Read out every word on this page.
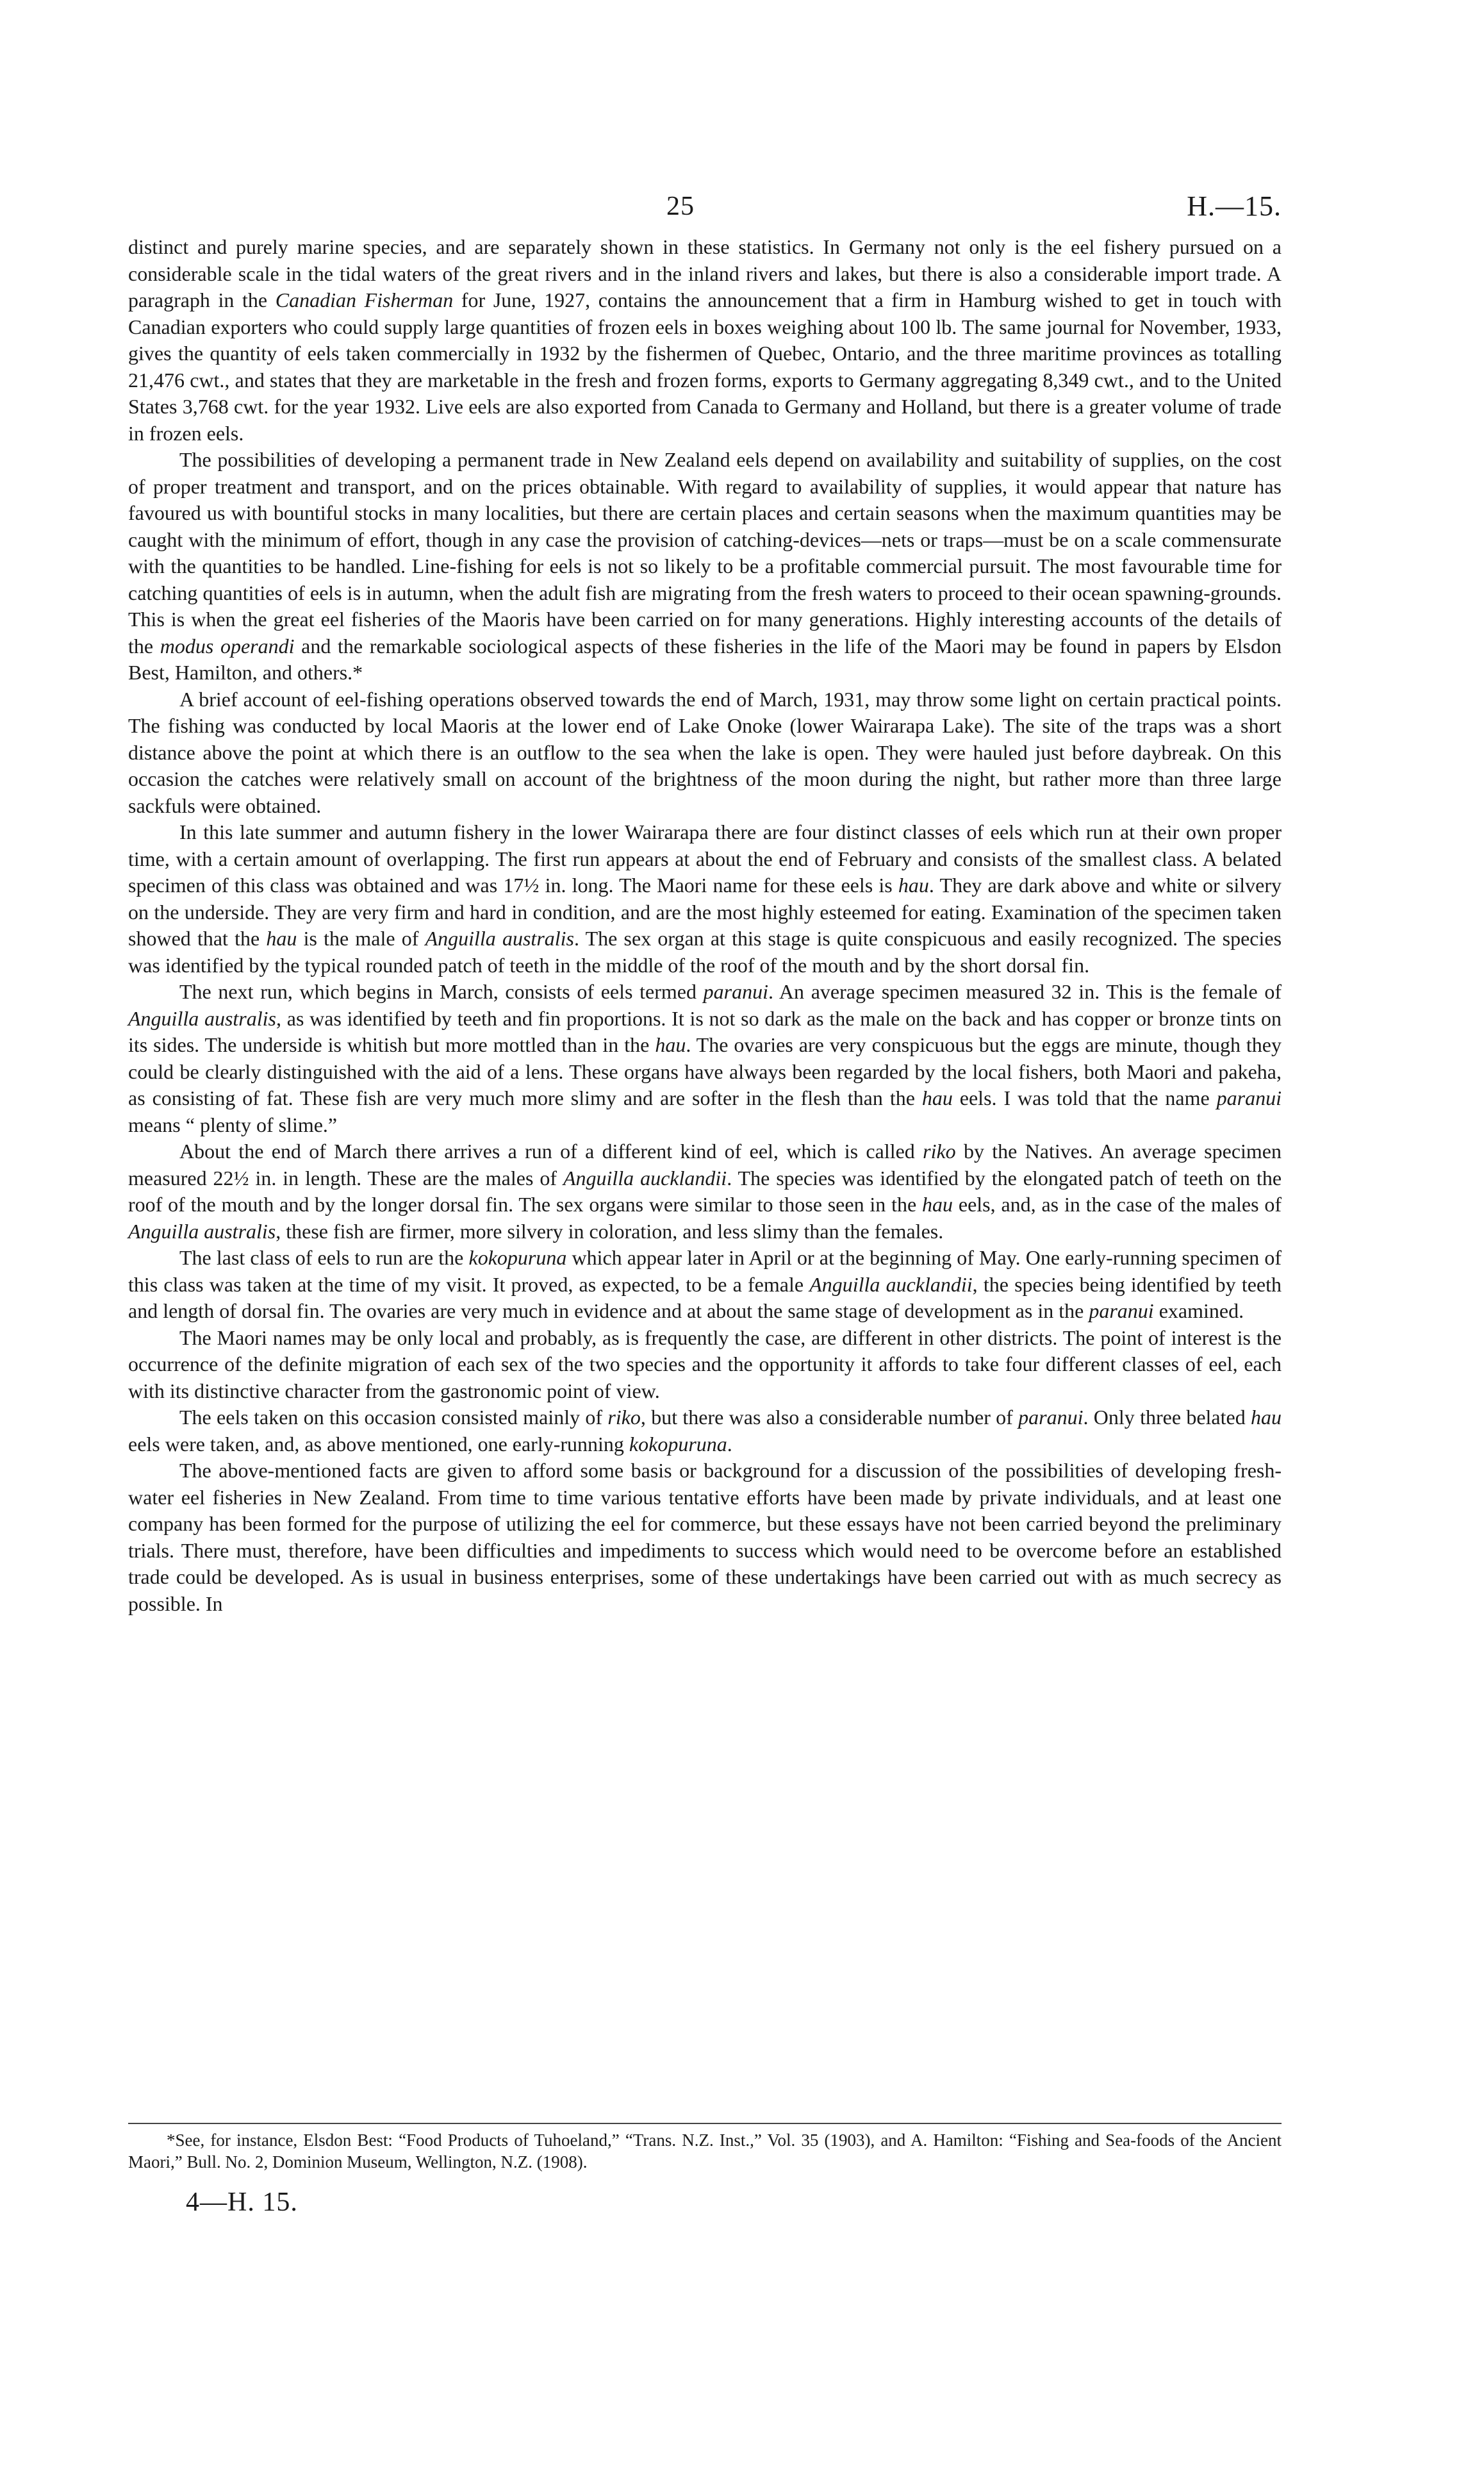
25	H.—15.

distinct and purely marine species, and are separately shown in these statistics. In Germany not only is the eel fishery pursued on a considerable scale in the tidal waters of the great rivers and in the inland rivers and lakes, but there is also a considerable import trade. A paragraph in the Canadian Fisherman for June, 1927, contains the announcement that a firm in Hamburg wished to get in touch with Canadian exporters who could supply large quantities of frozen eels in boxes weighing about 100 lb. The same journal for November, 1933, gives the quantity of eels taken commercially in 1932 by the fishermen of Quebec, Ontario, and the three maritime provinces as totalling 21,476 cwt., and states that they are marketable in the fresh and frozen forms, exports to Germany aggregating 8,349 cwt., and to the United States 3,768 cwt. for the year 1932. Live eels are also exported from Canada to Germany and Holland, but there is a greater volume of trade in frozen eels.

The possibilities of developing a permanent trade in New Zealand eels depend on availability and suitability of supplies, on the cost of proper treatment and transport, and on the prices obtainable. With regard to availability of supplies, it would appear that nature has favoured us with bountiful stocks in many localities, but there are certain places and certain seasons when the maximum quantities may be caught with the minimum of effort, though in any case the provision of catching-devices—nets or traps—must be on a scale commensurate with the quantities to be handled. Line-fishing for eels is not so likely to be a profitable commercial pursuit. The most favourable time for catching quantities of eels is in autumn, when the adult fish are migrating from the fresh waters to proceed to their ocean spawning-grounds. This is when the great eel fisheries of the Maoris have been carried on for many generations. Highly interesting accounts of the details of the modus operandi and the remarkable sociological aspects of these fisheries in the life of the Maori may be found in papers by Elsdon Best, Hamilton, and others.*

A brief account of eel-fishing operations observed towards the end of March, 1931, may throw some light on certain practical points. The fishing was conducted by local Maoris at the lower end of Lake Onoke (lower Wairarapa Lake). The site of the traps was a short distance above the point at which there is an outflow to the sea when the lake is open. They were hauled just before daybreak. On this occasion the catches were relatively small on account of the brightness of the moon during the night, but rather more than three large sackfuls were obtained.

In this late summer and autumn fishery in the lower Wairarapa there are four distinct classes of eels which run at their own proper time, with a certain amount of overlapping. The first run appears at about the end of February and consists of the smallest class. A belated specimen of this class was obtained and was 17½ in. long. The Maori name for these eels is hau. They are dark above and white or silvery on the underside. They are very firm and hard in condition, and are the most highly esteemed for eating. Examination of the specimen taken showed that the hau is the male of Anguilla australis. The sex organ at this stage is quite conspicuous and easily recognized. The species was identified by the typical rounded patch of teeth in the middle of the roof of the mouth and by the short dorsal fin.

The next run, which begins in March, consists of eels termed paranui. An average specimen measured 32 in. This is the female of Anguilla australis, as was identified by teeth and fin proportions. It is not so dark as the male on the back and has copper or bronze tints on its sides. The underside is whitish but more mottled than in the hau. The ovaries are very conspicuous but the eggs are minute, though they could be clearly distinguished with the aid of a lens. These organs have always been regarded by the local fishers, both Maori and pakeha, as consisting of fat. These fish are very much more slimy and are softer in the flesh than the hau eels. I was told that the name paranui means “ plenty of slime.”

About the end of March there arrives a run of a different kind of eel, which is called riko by the Natives. An average specimen measured 22½ in. in length. These are the males of Anguilla aucklandii. The species was identified by the elongated patch of teeth on the roof of the mouth and by the longer dorsal fin. The sex organs were similar to those seen in the hau eels, and, as in the case of the males of Anguilla australis, these fish are firmer, more silvery in coloration, and less slimy than the females.

The last class of eels to run are the kokopuruna which appear later in April or at the beginning of May. One early-running specimen of this class was taken at the time of my visit. It proved, as expected, to be a female Anguilla aucklandii, the species being identified by teeth and length of dorsal fin. The ovaries are very much in evidence and at about the same stage of development as in the paranui examined.

The Maori names may be only local and probably, as is frequently the case, are different in other districts. The point of interest is the occurrence of the definite migration of each sex of the two species and the opportunity it affords to take four different classes of eel, each with its distinctive character from the gastronomic point of view.

The eels taken on this occasion consisted mainly of riko, but there was also a considerable number of paranui. Only three belated hau eels were taken, and, as above mentioned, one early-running kokopuruna.

The above-mentioned facts are given to afford some basis or background for a discussion of the possibilities of developing fresh-water eel fisheries in New Zealand. From time to time various tentative efforts have been made by private individuals, and at least one company has been formed for the purpose of utilizing the eel for commerce, but these essays have not been carried beyond the preliminary trials. There must, therefore, have been difficulties and impediments to success which would need to be overcome before an established trade could be developed. As is usual in business enterprises, some of these undertakings have been carried out with as much secrecy as possible. In

*See, for instance, Elsdon Best: “Food Products of Tuhoeland,” “Trans. N.Z. Inst.,” Vol. 35 (1903), and A. Hamilton: “Fishing and Sea-foods of the Ancient Maori,” Bull. No. 2, Dominion Museum, Wellington, N.Z. (1908).
4—H. 15.
